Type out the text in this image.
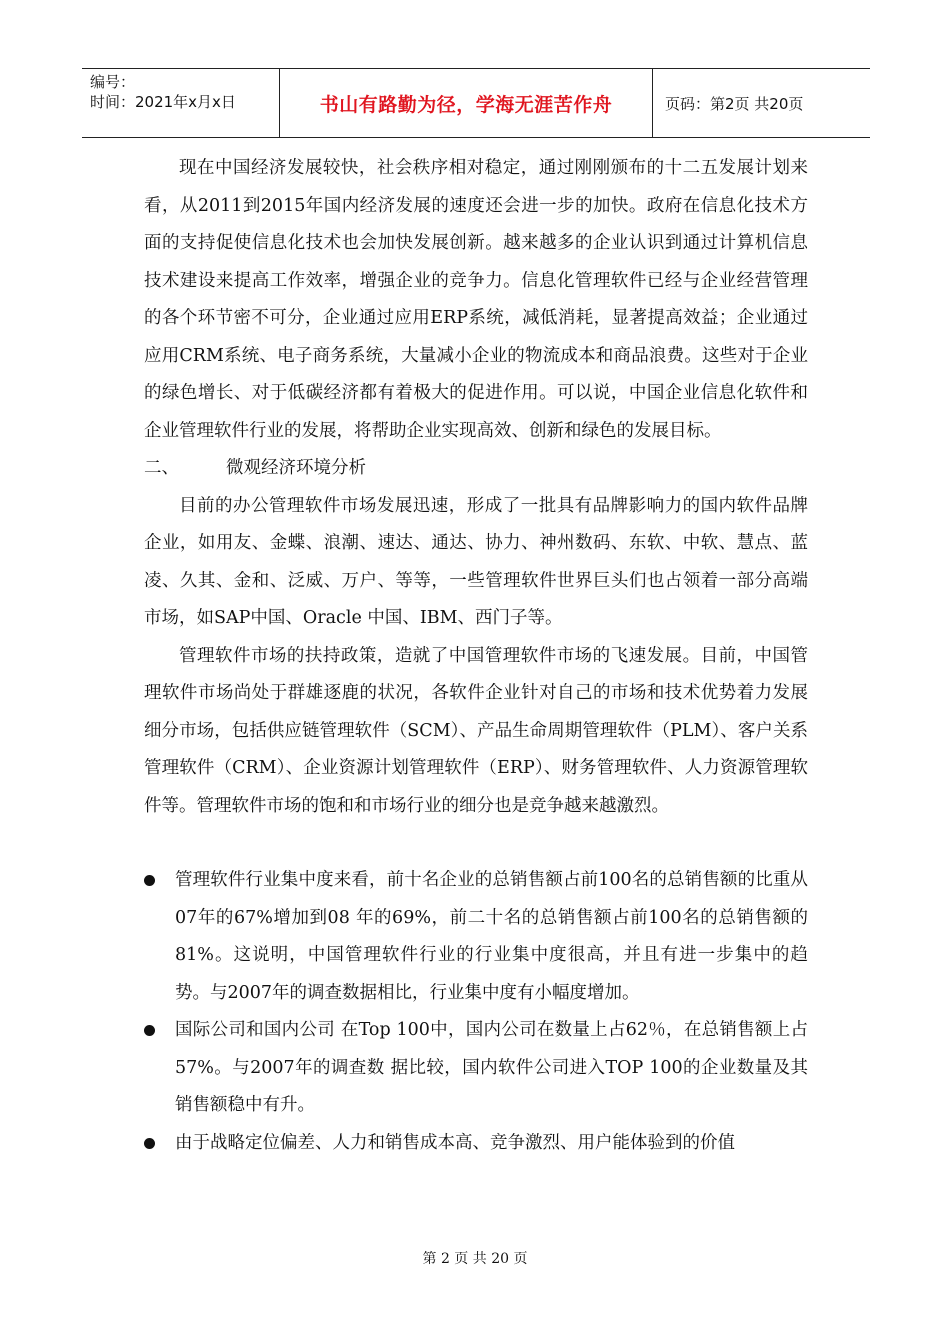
编号：
时间：2021年x月x日	书山有路勤为径，学海无涯苦作舟	页码：第2页 共20页

现在中国经济发展较快，社会秩序相对稳定，通过刚刚颁布的十二五发展计划来看，从2011到2015年国内经济发展的速度还会进一步的加快。政府在信息化技术方面的支持促使信息化技术也会加快发展创新。越来越多的企业认识到通过计算机信息技术建设来提高工作效率，增强企业的竞争力。信息化管理软件已经与企业经营管理的各个环节密不可分，企业通过应用ERP系统，减低消耗，显著提高效益；企业通过应用CRM系统、电子商务系统，大量减小企业的物流成本和商品浪费。这些对于企业的绿色增长、对于低碳经济都有着极大的促进作用。可以说，中国企业信息化软件和企业管理软件行业的发展，将帮助企业实现高效、创新和绿色的发展目标。

二、	微观经济环境分析

目前的办公管理软件市场发展迅速，形成了一批具有品牌影响力的国内软件品牌企业，如用友、金蝶、浪潮、速达、通达、协力、神州数码、东软、中软、慧点、蓝凌、久其、金和、泛威、万户、等等，一些管理软件世界巨头们也占领着一部分高端市场，如SAP中国、Oracle 中国、IBM、西门子等。

管理软件市场的扶持政策，造就了中国管理软件市场的飞速发展。目前，中国管理软件市场尚处于群雄逐鹿的状况，各软件企业针对自己的市场和技术优势着力发展细分市场，包括供应链管理软件（SCM）、产品生命周期管理软件（PLM）、客户关系管理软件（CRM）、企业资源计划管理软件（ERP）、财务管理软件、人力资源管理软件等。管理软件市场的饱和和市场行业的细分也是竞争越来越激烈。

管理软件行业集中度来看，前十名企业的总销售额占前100名的总销售额的比重从07年的67%增加到08 年的69%，前二十名的总销售额占前100名的总销售额的81%。这说明，中国管理软件行业的行业集中度很高，并且有进一步集中的趋势。与2007年的调查数据相比，行业集中度有小幅度增加。
国际公司和国内公司 在Top 100中，国内公司在数量上占62％，在总销售额上占57%。与2007年的调查数 据比较，国内软件公司进入TOP 100的企业数量及其销售额稳中有升。
由于战略定位偏差、人力和销售成本高、竞争激烈、用户能体验到的价值
第 2 页 共 20 页
